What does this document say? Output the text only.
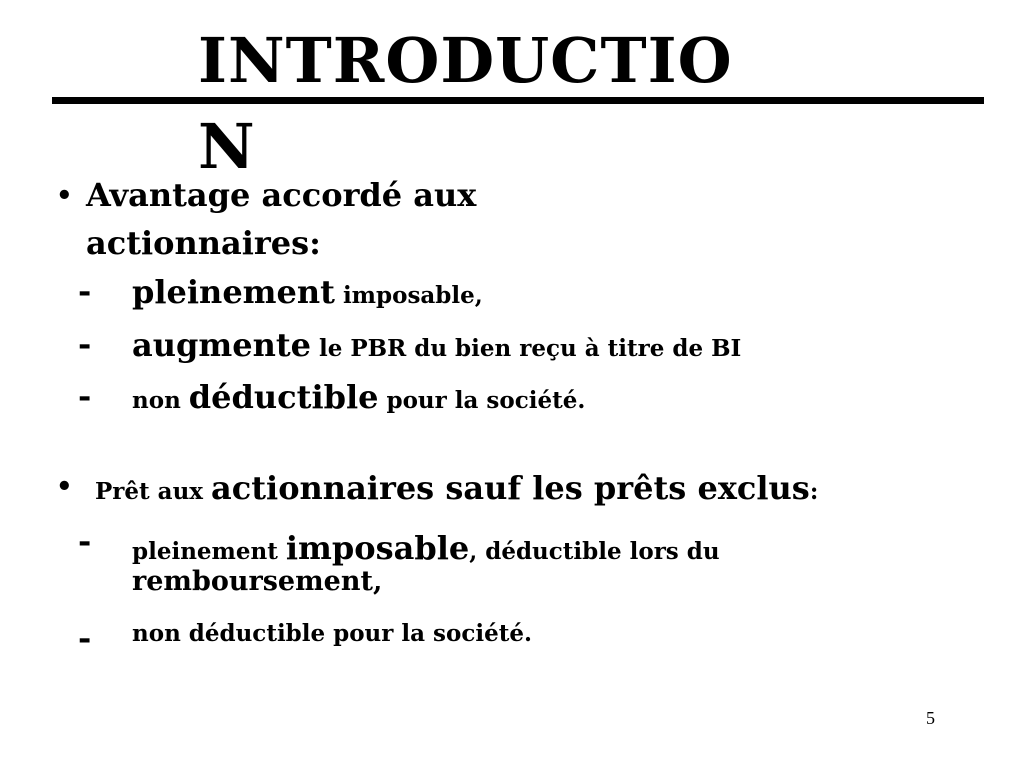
INTRODUCTION
• Avantage accordé aux
actionnaires:
- pleinement imposable,
- augmente le PBR du bien reçu à titre de BI
- non déductible pour la société.
• Prêt aux actionnaires sauf les prêts exclus:
- pleinement imposable, déductible lors du
remboursement,
- non déductible pour la société.
5
